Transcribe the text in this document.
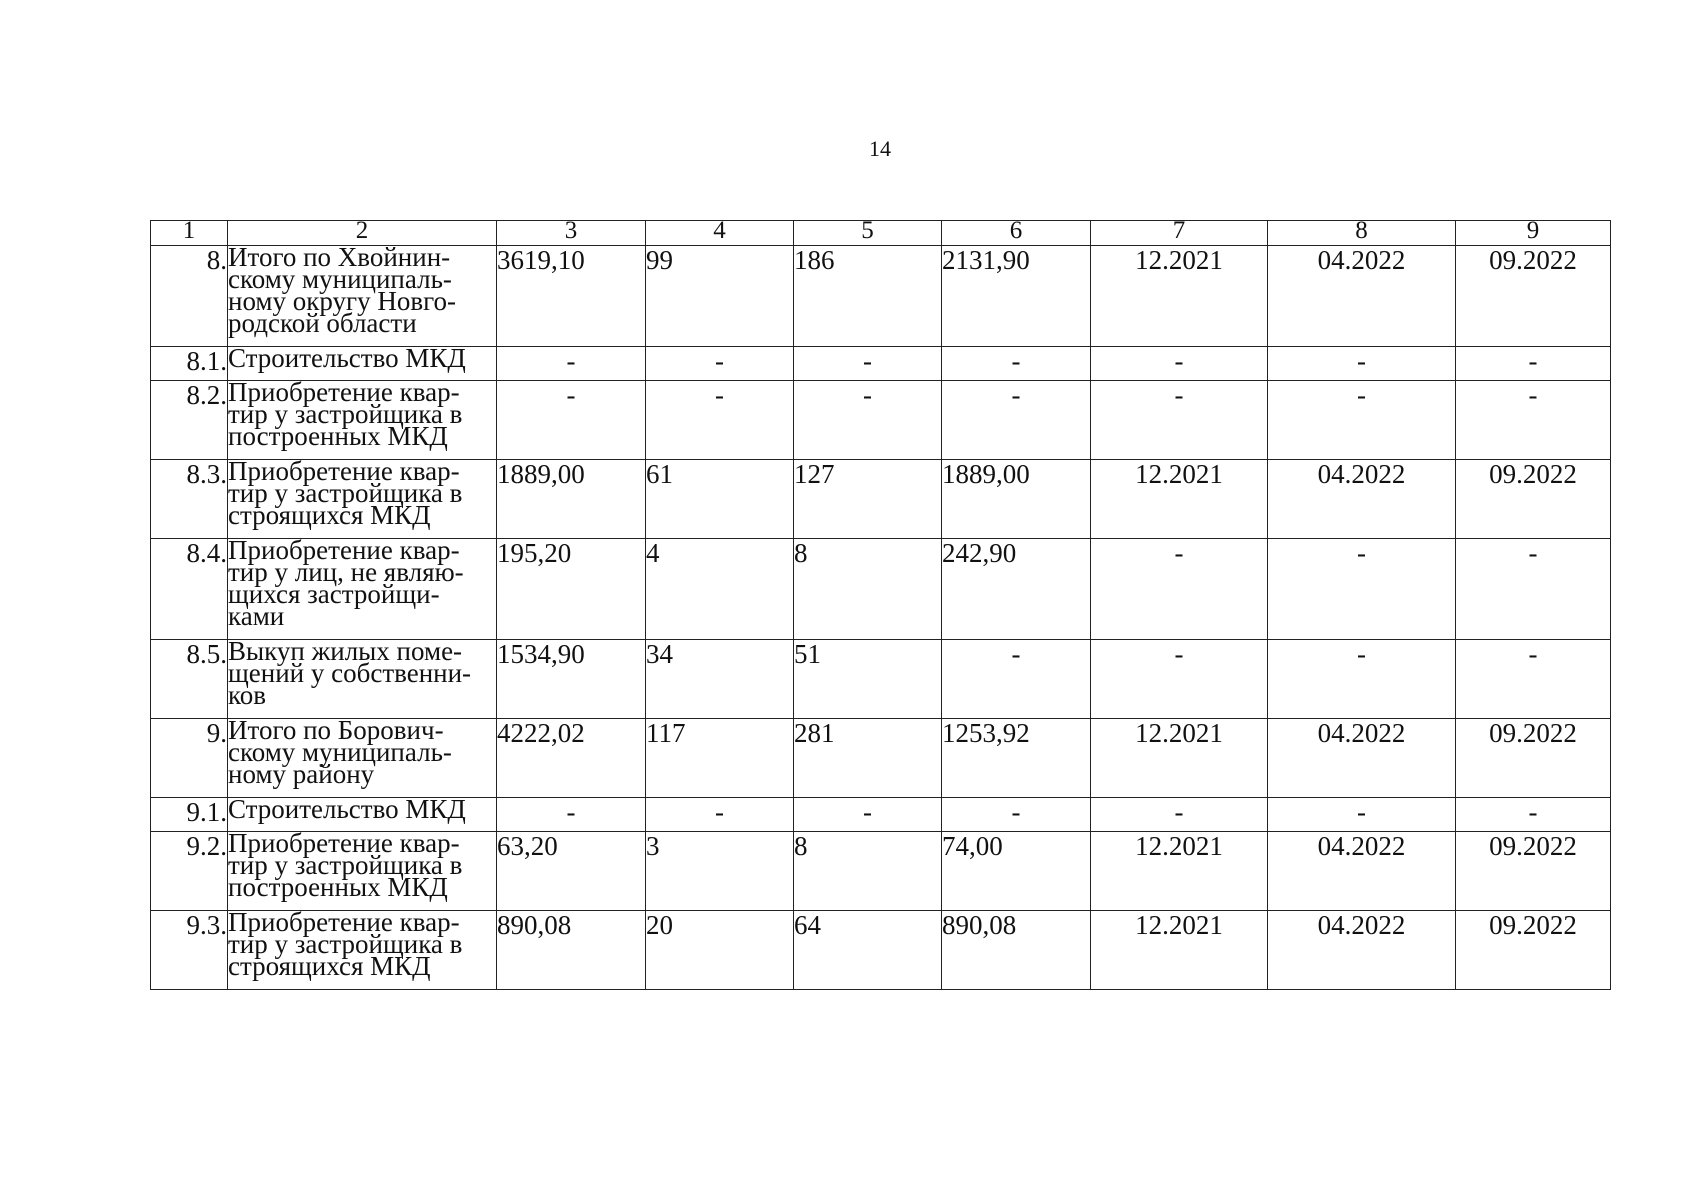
14
1	2	3	4	5	6	7	8	9
8.	Итого по Хвойнин-
скому муниципаль-
ному округу Новго-
родской области	3619,10	99	186	2131,90	12.2021	04.2022	09.2022
8.1.	Строительство МКД	-	-	-	-	-	-	-
8.2.	Приобретение квар-
тир у застройщика в
построенных МКД	-	-	-	-	-	-	-
8.3.	Приобретение квар-
тир у застройщика в
строящихся МКД	1889,00	61	127	1889,00	12.2021	04.2022	09.2022
8.4.	Приобретение квар-
тир у лиц, не являю-
щихся застройщи-
ками	195,20	4	8	242,90	-	-	-
8.5.	Выкуп жилых поме-
щений у собственни-
ков	1534,90	34	51	-	-	-	-
9.	Итого по Борович-
скому муниципаль-
ному району	4222,02	117	281	1253,92	12.2021	04.2022	09.2022
9.1.	Строительство МКД	-	-	-	-	-	-	-
9.2.	Приобретение квар-
тир у застройщика в
построенных МКД	63,20	3	8	74,00	12.2021	04.2022	09.2022
9.3.	Приобретение квар-
тир у застройщика в
строящихся МКД	890,08	20	64	890,08	12.2021	04.2022	09.2022
